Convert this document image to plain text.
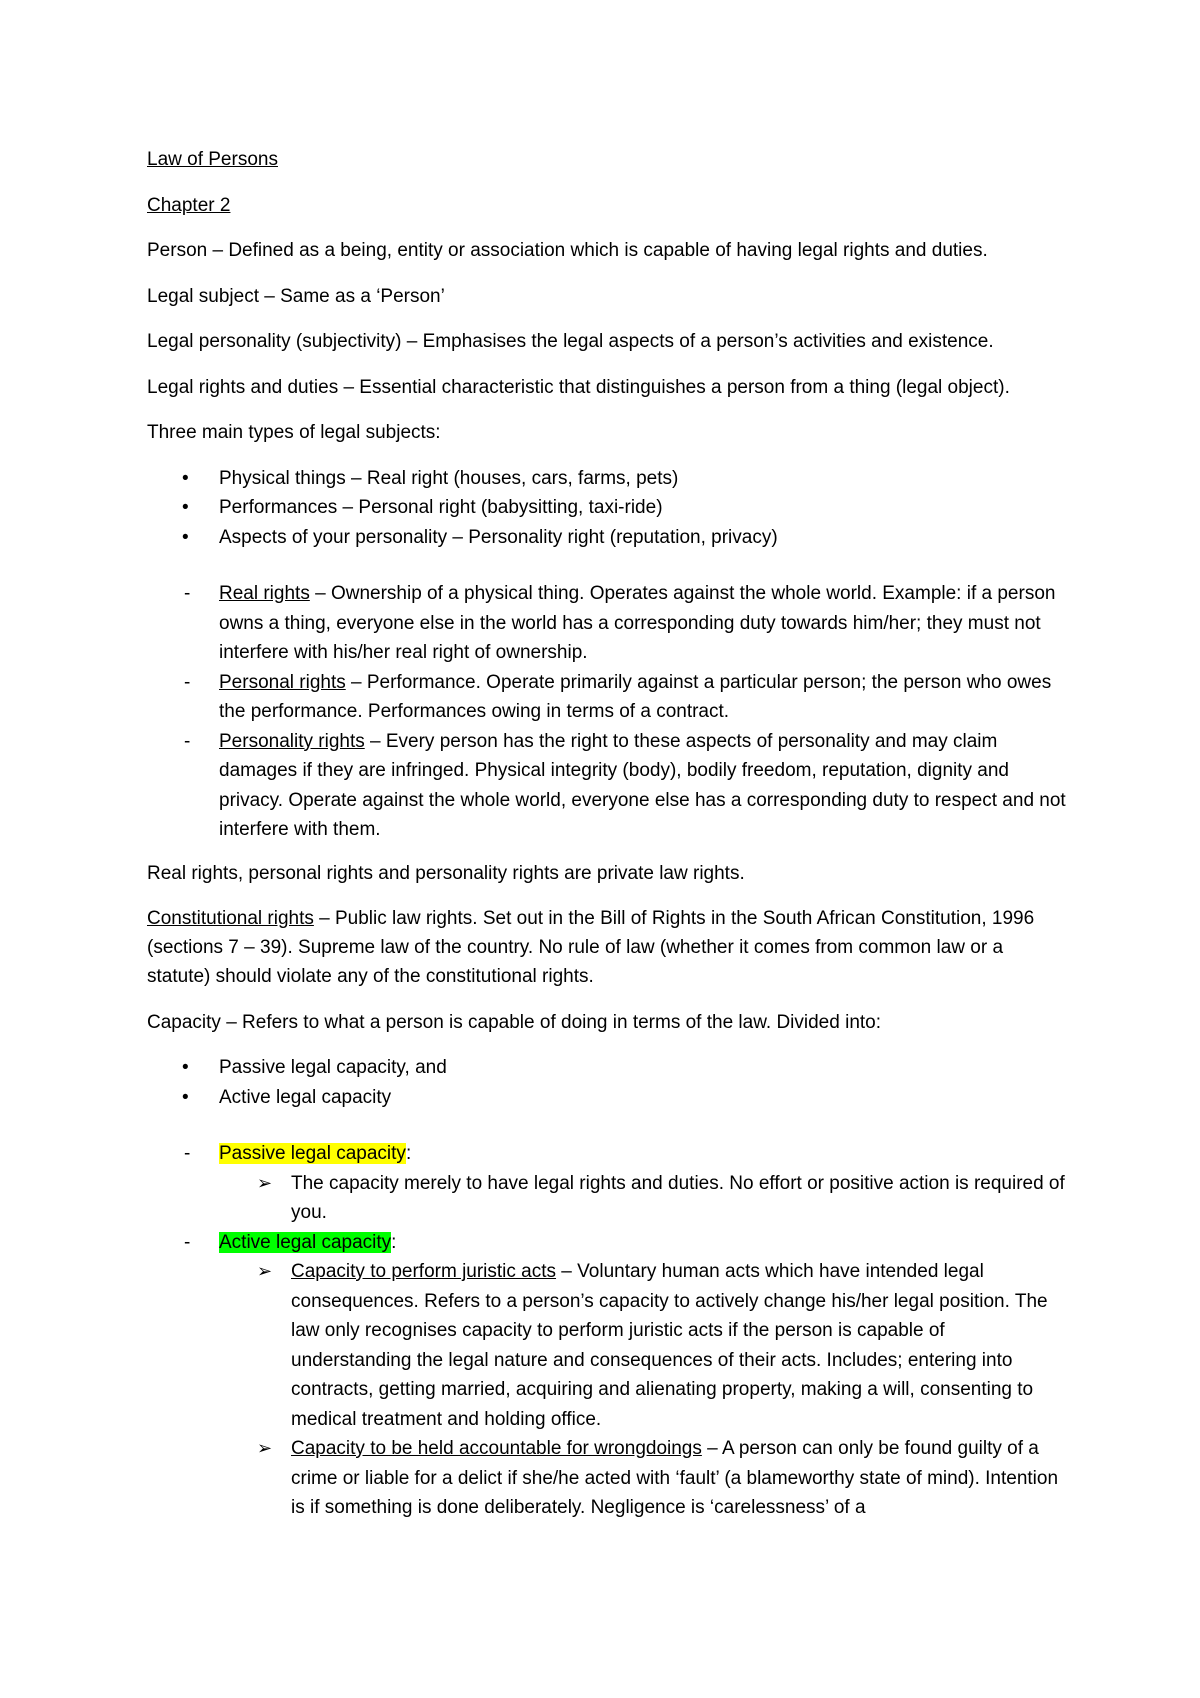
Law of Persons

Chapter 2

Person – Defined as a being, entity or association which is capable of having legal rights and duties.

Legal subject – Same as a ‘Person’

Legal personality (subjectivity) – Emphasises the legal aspects of a person’s activities and existence.

Legal rights and duties – Essential characteristic that distinguishes a person from a thing (legal object).

Three main types of legal subjects:

• Physical things – Real right (houses, cars, farms, pets)
• Performances – Personal right (babysitting, taxi-ride)
• Aspects of your personality – Personality right (reputation, privacy)
- Real rights – Ownership of a physical thing. Operates against the whole world. Example: if a person owns a thing, everyone else in the world has a corresponding duty towards him/her; they must not interfere with his/her real right of ownership.
- Personal rights – Performance. Operate primarily against a particular person; the person who owes the performance. Performances owing in terms of a contract.
- Personality rights – Every person has the right to these aspects of personality and may claim damages if they are infringed. Physical integrity (body), bodily freedom, reputation, dignity and privacy. Operate against the whole world, everyone else has a corresponding duty to respect and not interfere with them.

Real rights, personal rights and personality rights are private law rights.

Constitutional rights – Public law rights. Set out in the Bill of Rights in the South African Constitution, 1996 (sections 7 – 39). Supreme law of the country. No rule of law (whether it comes from common law or a statute) should violate any of the constitutional rights.

Capacity – Refers to what a person is capable of doing in terms of the law. Divided into:

• Passive legal capacity, and
• Active legal capacity
- Passive legal capacity:
➢ The capacity merely to have legal rights and duties. No effort or positive action is required of you.
- Active legal capacity:
➢ Capacity to perform juristic acts – Voluntary human acts which have intended legal consequences. Refers to a person’s capacity to actively change his/her legal position. The law only recognises capacity to perform juristic acts if the person is capable of understanding the legal nature and consequences of their acts. Includes; entering into contracts, getting married, acquiring and alienating property, making a will, consenting to medical treatment and holding office.
➢ Capacity to be held accountable for wrongdoings – A person can only be found guilty of a crime or liable for a delict if she/he acted with ‘fault’ (a blameworthy state of mind). Intention is if something is done deliberately. Negligence is ‘carelessness’ of a
